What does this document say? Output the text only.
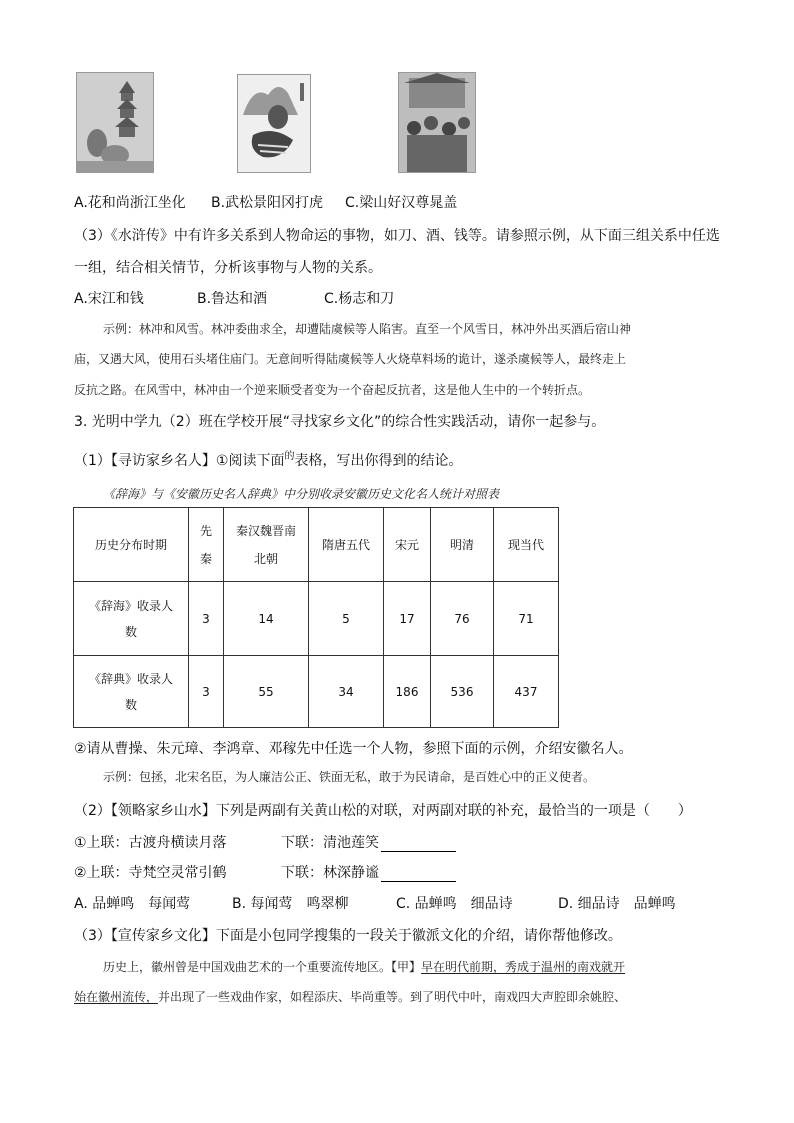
A.花和尚浙江坐化 B.武松景阳冈打虎 C.梁山好汉尊晁盖
（3）《水浒传》中有许多关系到人物命运的事物，如刀、酒、钱等。请参照示例，从下面三组关系中任选
一组，结合相关情节，分析该事物与人物的关系。
A.宋江和钱	B.鲁达和酒	C.杨志和刀
示例：林冲和风雪。林冲委曲求全，却遭陆虞候等人陷害。直至一个风雪日，林冲外出买酒后宿山神
庙，又遇大风，使用石头堵住庙门。无意间听得陆虞候等人火烧草料场的诡计，遂杀虞候等人，最终走上
反抗之路。在风雪中，林冲由一个逆来顺受者变为一个奋起反抗者，这是他人生中的一个转折点。
3. 光明中学九（2）班在学校开展“寻找家乡文化”的综合性实践活动，请你一起参与。
（1）【寻访家乡名人】①阅读下面$^的$表格，写出你得到的结论。
《辞海》与《安徽历史名人辞典》中分别收录安徽历史文化名人统计对照表
历史分布时期	先秦	秦汉魏晋南北朝	隋唐五代	宋元	明清	现当代
《辞海》收录人数	3	14	5	17	76	71
《辞典》收录人数	3	55	34	186	536	437
②请从曹操、朱元璋、李鸿章、邓稼先中任选一个人物，参照下面的示例，介绍安徽名人。
示例：包拯，北宋名臣，为人廉洁公正、铁面无私，敢于为民请命，是百姓心中的正义使者。
（2）【领略家乡山水】下列是两副有关黄山松的对联，对两副对联的补充，最恰当的一项是（　　）
①上联：古渡舟横读月落	下联：清池莲笑
②上联：寺梵空灵常引鹤	下联：林深静谧
A. 品蝉鸣　每闻莺	B. 每闻莺　鸣翠柳	C. 品蝉鸣　细品诗	D. 细品诗　品蝉鸣
（3）【宣传家乡文化】下面是小包同学搜集的一段关于徽派文化的介绍，请你帮他修改。
历史上，徽州曾是中国戏曲艺术的一个重要流传地区。【甲】早在明代前期，秀成于温州的南戏就开
始在徽州流传，并出现了一些戏曲作家，如程添庆、毕尚重等。到了明代中叶，南戏四大声腔即余姚腔、
